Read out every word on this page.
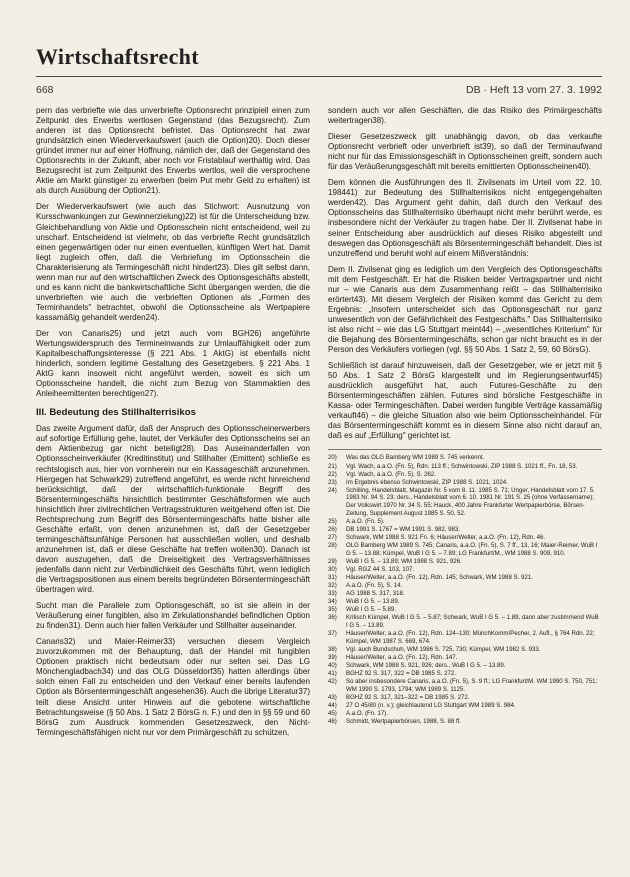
Wirtschaftsrecht
668	DB · Heft 13 vom 27. 3. 1992

pern das verbriefte wie das unverbriefte Optionsrecht prinzipiell einen zum Zeitpunkt des Erwerbs wertlosen Gegenstand (das Bezugsrecht). Zum anderen ist das Optionsrecht befristet. Das Optionsrecht hat zwar grundsätzlich einen Wiederverkaufswert (auch die Option)20). Doch dieser gründet immer nur auf einer Hoffnung, nämlich der, daß der Gegenstand des Optionsrechts in der Zukunft, aber noch vor Fristablauf werthaltig wird. Das Bezugsrecht ist zum Zeitpunkt des Erwerbs wertlos, weil die versprochene Aktie am Markt günstiger zu erwerben (beim Put mehr Geld zu erhalten) ist als durch Ausübung der Option21).

Der Wiederverkaufswert (wie auch das Stichwort: Ausnutzung von Kursschwankungen zur Gewinnerzielung)22) ist für die Unterscheidung bzw. Gleichbehandlung von Aktie und Optionsschein nicht entscheidend, weil zu unscharf. Entscheidend ist vielmehr, ob das verbriefte Recht grundsätzlich einen gegenwärtigen oder nur einen eventuellen, künftigen Wert hat. Damit liegt zugleich offen, daß die Verbriefung im Optionsschein die Charakterisierung als Termingeschäft nicht hindert23). Dies gilt selbst dann, wenn man nur auf den wirtschaftlichen Zweck des Optionsgeschäfts abstellt, und es kann nicht die bankwirtschaftliche Sicht übergangen werden, die die unverbrieften wie auch die verbrieften Optionen als „Formen des Terminhandels" betrachtet, obwohl die Optionsscheine als Wertpapiere kassamäßig gehandelt werden24).

Der von Canaris25) und jetzt auch vom BGH26) angeführte Wertungswiderspruch des Termineinwands zur Umlauffähigkeit oder zum Kapitalbeschaffungsinteresse (§ 221 Abs. 1 AktG) ist ebenfalls nicht hinderlich, sondern legitime Gestaltung des Gesetzgebers. § 221 Abs. 1 AktG kann insoweit nicht angeführt werden, soweit es sich um Optionsscheine handelt, die nicht zum Bezug von Stammaktien des Anleiheemittenten berechtigen27).

III. Bedeutung des Stillhalterrisikos

Das zweite Argument dafür, daß der Anspruch des Optionsscheinerwerbers auf sofortige Erfüllung gehe, lautet, der Verkäufer des Optionsscheins sei an dem Aktienbezug gar nicht beteiligt28). Das Auseinanderfallen von Optionsscheinverkäufer (Kreditinstitut) und Stillhalter (Emittent) schließe es rechtslogisch aus, hier von vornherein nur ein Kassageschäft anzunehmen. Hiergegen hat Schwark29) zutreffend angeführt, es werde nicht hinreichend berücksichtigt, daß der wirtschaftlich-funktionale Begriff des Börsentermingeschäfts hinsichtlich bestimmter Geschäftsformen wie auch hinsichtlich ihrer zivilrechtlichen Vertragsstrukturen weitgehend offen ist. Die Rechtsprechung zum Begriff des Börsentermingeschäfts hatte bisher alle Geschäfte erfaßt, von denen anzunehmen ist, daß der Gesetzgeber termingeschäftsunfähige Personen hat ausschließen wollen, und deshalb anzunehmen ist, daß er diese Geschäfte hat treffen wollen30). Danach ist davon auszugehen, daß die Dreiseitigkeit des Vertragsverhältnisses jedenfalls dann nicht zur Verbindlichkeit des Geschäfts führt, wenn lediglich die Vertragspositionen aus einem bereits begründeten Börsentermingeschäft übertragen wird.

Sucht man die Parallele zum Optionsgeschäft, so ist sie allein in der Veräußerung einer fungiblen, also im Zirkulationshandel befindlichen Option zu finden31). Denn auch hier fallen Verkäufer und Stillhalter auseinander.

Canaris32) und Maier-Reimer33) versuchen diesem Vergleich zuvorzukommen mit der Behauptung, daß der Handel mit fungiblen Optionen praktisch nicht bedeutsam oder nur selten sei. Das LG Mönchengladbach34) und das OLG Düsseldorf35) hatten allerdings über solch einen Fall zu entscheiden und den Verkauf einer bereits laufenden Option als Börsentermingeschäft angesehen36). Auch die übrige Literatur37) teilt diese Ansicht unter Hinweis auf die gebotene wirtschaftliche Betrachtungsweise (§ 50 Abs. 1 Satz 2 BörsG n. F.) und den in §§ 59 und 60 BörsG zum Ausdruck kommenden Gesetzeszweck, den Nicht-Termingeschäftsfähigen nicht nur vor dem Primärgeschäft zu schützen,

sondern auch vor allen Geschäften, die das Risiko des Primärgeschäfts weitertragen38).

Dieser Gesetzeszweck gilt unabhängig davon, ob das verkaufte Optionsrecht verbrieft oder unverbrieft ist39), so daß der Terminaufwand nicht nur für das Emissionsgeschäft in Optionsscheinen greift, sondern auch für das Veräußerungsgeschäft mit bereits emittierten Optionsscheinen40).

Dem können die Ausführungen des II. Zivilsenats im Urteil vom 22. 10. 198441) zur Bedeutung des Stillhalterrisikos nicht entgegengehalten werden42). Das Argument geht dahin, daß durch den Verkauf des Optionsscheins das Stillhalterrisiko überhaupt nicht mehr berührt werde, es insbesondere nicht der Verkäufer zu tragen habe. Der II. Zivilsenat habe in seiner Entscheidung aber ausdrücklich auf dieses Risiko abgestellt und deswegen das Optionsgeschäft als Börsentermingeschäft behandelt. Dies ist unzutreffend und beruht wohl auf einem Mißverständnis:

Dem II. Zivilsenat ging es lediglich um den Vergleich des Optionsgeschäfts mit dem Festgeschäft. Er hat die Risiken beider Vertragspartner und nicht nur – wie Canaris aus dem Zusammenhang reißt – das Stillhalterrisiko erörtert43). Mit diesem Vergleich der Risiken kommt das Gericht zu dem Ergebnis: „Insofern unterscheidet sich das Optionsgeschäft nur ganz unwesentlich von der Gefährlichkeit des Festgeschäfts." Das Stillhalterrisiko ist also nicht – wie das LG Stuttgart meint44) – „wesentliches Kriterium" für die Bejahung des Börsentermingeschäfts, schon gar nicht braucht es in der Person des Verkäufers vorliegen (vgl. §§ 50 Abs. 1 Satz 2, 59, 60 BörsG).

Schließlich ist darauf hinzuweisen, daß der Gesetzgeber, wie er jetzt mit § 50 Abs. 1 Satz 2 BörsG klargestellt und im Regierungsentwurf45) ausdrücklich ausgeführt hat, auch Futures-Geschäfte zu den Börsentermingeschäften zählen. Futures sind börsliche Festgeschäfte in Kassa- oder Termingeschäften. Dabei werden fungible Verträge kassamäßig verkauft46) – die gleiche Situation also wie beim Optionsscheinhandel. Für das Börsentermingeschäft kommt es in diesem Sinne also nicht darauf an, daß es auf „Erfüllung" gerichtet ist.

20)	Was das OLG Bamberg WM 1989 S. 745 verkennt.
21)	Vgl. Wach, a.a.O. (Fn. 5), Rdn. 113 ff.; Schwintowski, ZIP 1988 S. 1021 ff., Fn. 18, 53.
22)	Vgl. Wach, a.a.O. (Fn. 5), S. 262.
23)	Im Ergebnis ebenso Schwintowski, ZIP 1988 S. 1021, 1024.
24)	Schilling, Handelsblatt, Magazin Nr. 5 vom 8. 11. 1985 S. 71; Unger, Handelsblatt vom 17. 5. 1983 Nr. 94 S. 23; ders., Handelsblatt vom 6. 10. 1981 Nr. 191 S. 25 (ohne Verfassername); Der Volkswirt 1970 Nr. 34 S. 55; Hauck, 400 Jahre Frankfurter Wertpapierbörse, Börsen-Zeitung, Supplement August 1985 S. 50, 52.
25)	A.a.O. (Fn. 5).
26)	DB 1991 S. 1767 = WM 1991 S. 982, 983.
27)	Schwark, WM 1988 S. 921 Fn. 6; Häuser/Welter, a.a.O. (Fn. 12), Rdn. 46.
28)	OLG Bamberg WM 1989 S. 745; Canaris, a.a.O. (Fn. 5), S. 7 ff., 13, 16; Maier-Reimer, WuB I G 5. – 13.88; Kümpel, WuB I G 5. – 7.89; LG Frankfurt/M., WM 1988 S. 909, 910.
29)	WuB I G 5. – 13.89; WM 1988 S. 921, 926.
30)	Vgl. RGZ 44 S. 103, 107.
31)	Häuser/Welter, a.a.O. (Fn. 12), Rdn. 145; Schwark, WM 1988 S. 921.
32)	A.a.O. (Fn. 5), S. 14.
33)	AG 1988 S. 317, 318.
34)	WuB I G 5. – 13.89.
35)	WuB I G 5. – 5.89.
36)	Kritisch Kümpel, WuB I G 5. – 5.87; Schwark, WuB I G 5. – 1.89, dann aber zustimmend WuB I G 5. – 13.89.
37)	Häuser/Welter, a.a.O. (Fn. 12), Rdn. 124–130; MünchKomm/Pecher, 2. Aufl., § 764 Rdn. 22; Kümpel, WM 1987 S. 669, 674.
38)	Vgl. auch Bundschuh, WM 1986 S. 725, 730; Kümpel, WM 1982 S. 933.
39)	Häuser/Welter, a.a.O. (Fn. 12), Rdn. 147.
40)	Schwark, WM 1988 S. 921, 926; ders., WuB I G 5. – 13.89.
41)	BGHZ 92 S. 317, 322 = DB 1985 S. 272.
42)	So aber insbesondere Canaris, a.a.O. (Fn. 5), S. 9 ff.; LG Frankfurt/M. WM 1990 S. 750, 751; WM 1990 S. 1793, 1794; WM 1989 S. 1125.
43)	BGHZ 92 S. 317, 321–322 = DB 1985 S. 272.
44)	27 O 45/80 (n. v.); gleichlautend LG Stuttgart WM 1989 S. 984.
45)	A.a.O. (Fn. 17).
46)	Schmidt, Wertpapierbörsen, 1988, S. 88 ff.
